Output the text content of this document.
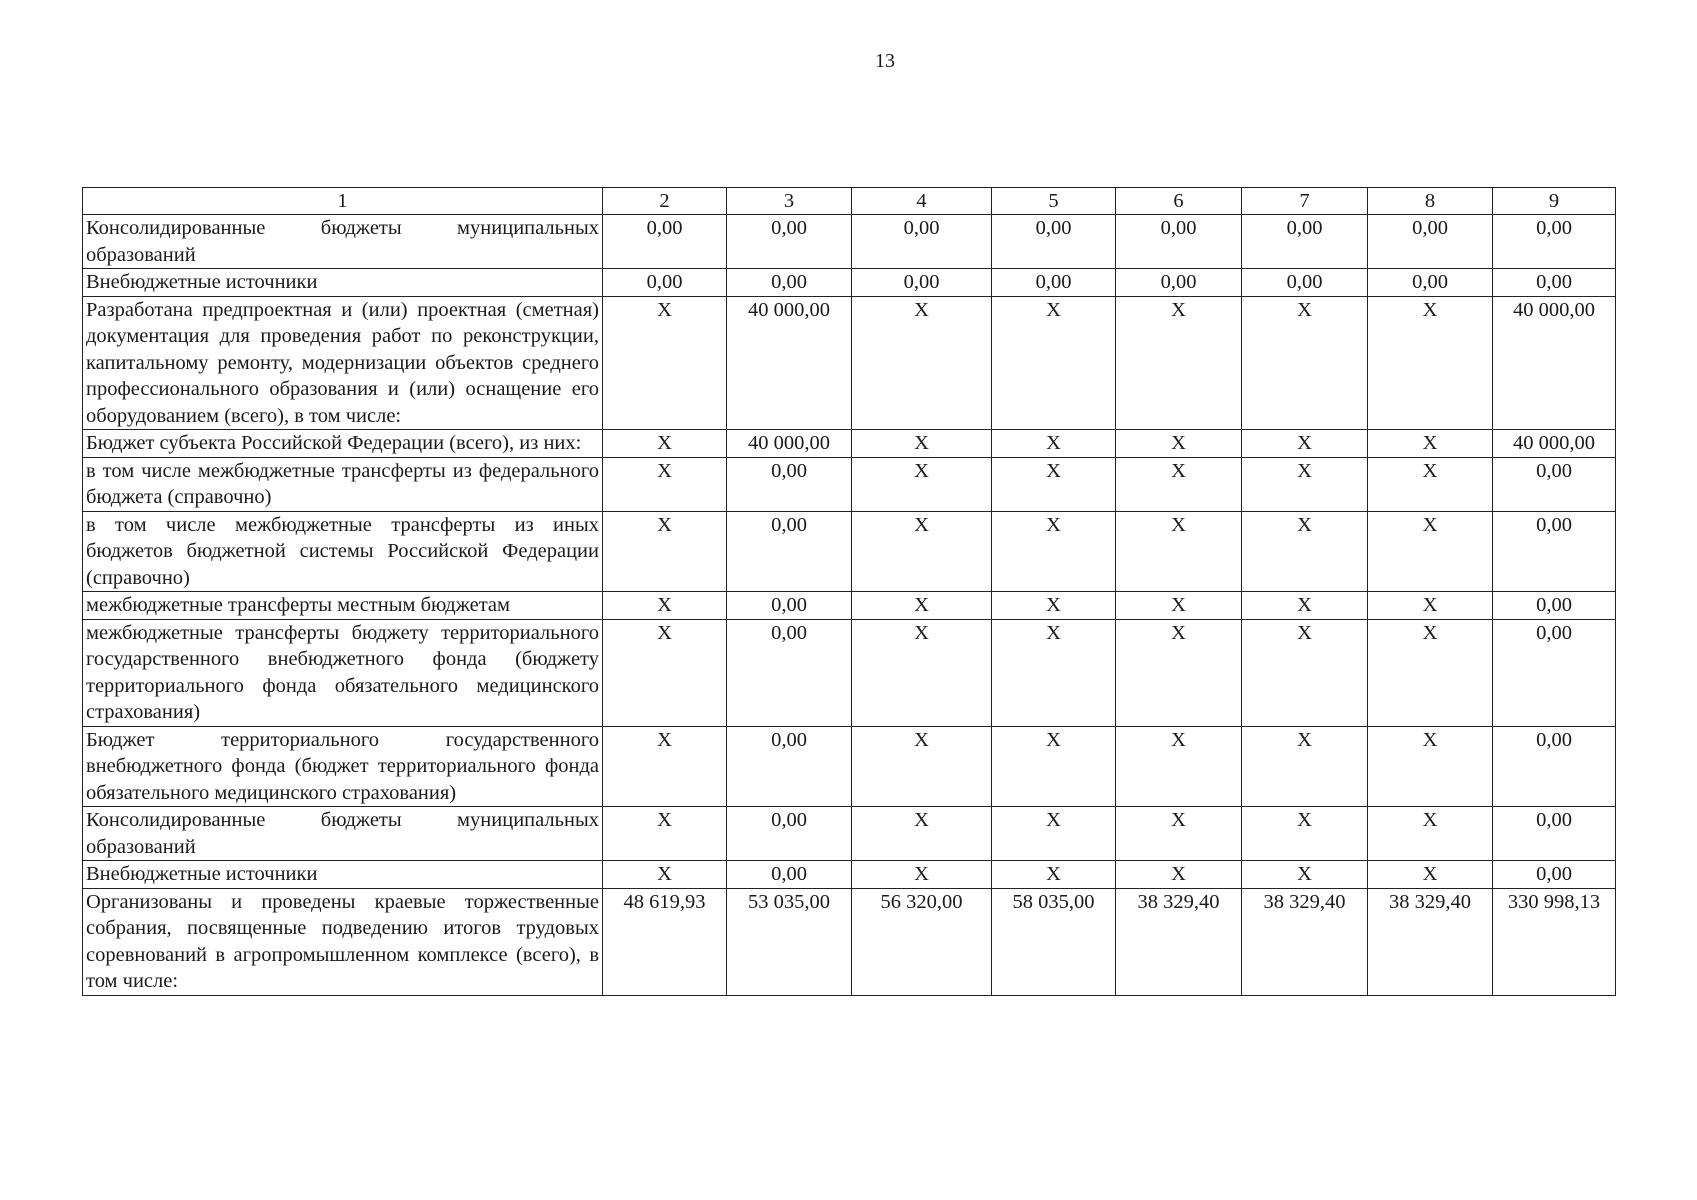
13
1	2	3	4	5	6	7	8	9
Консолидированные бюджеты муниципальных образований	0,00	0,00	0,00	0,00	0,00	0,00	0,00	0,00
Внебюджетные источники	0,00	0,00	0,00	0,00	0,00	0,00	0,00	0,00
Разработана предпроектная и (или) проектная (сметная) документация для проведения работ по реконструкции, капитальному ремонту, модернизации объектов среднего профессионального образования и (или) оснащение его оборудованием (всего), в том числе:	X	40 000,00	X	X	X	X	X	40 000,00
Бюджет субъекта Российской Федерации (всего), из них:	X	40 000,00	X	X	X	X	X	40 000,00
в том числе межбюджетные трансферты из федерального бюджета (справочно)	X	0,00	X	X	X	X	X	0,00
в том числе межбюджетные трансферты из иных бюджетов бюджетной системы Российской Федерации (справочно)	X	0,00	X	X	X	X	X	0,00
межбюджетные трансферты местным бюджетам	X	0,00	X	X	X	X	X	0,00
межбюджетные трансферты бюджету территориального государственного внебюджетного фонда (бюджету территориального фонда обязательного медицинского страхования)	X	0,00	X	X	X	X	X	0,00
Бюджет территориального государственного внебюджетного фонда (бюджет территориального фонда обязательного медицинского страхования)	X	0,00	X	X	X	X	X	0,00
Консолидированные бюджеты муниципальных образований	X	0,00	X	X	X	X	X	0,00
Внебюджетные источники	X	0,00	X	X	X	X	X	0,00
Организованы и проведены краевые торжественные собрания, посвященные подведению итогов трудовых соревнований в агропромышленном комплексе (всего), в том числе:	48 619,93	53 035,00	56 320,00	58 035,00	38 329,40	38 329,40	38 329,40	330 998,13
